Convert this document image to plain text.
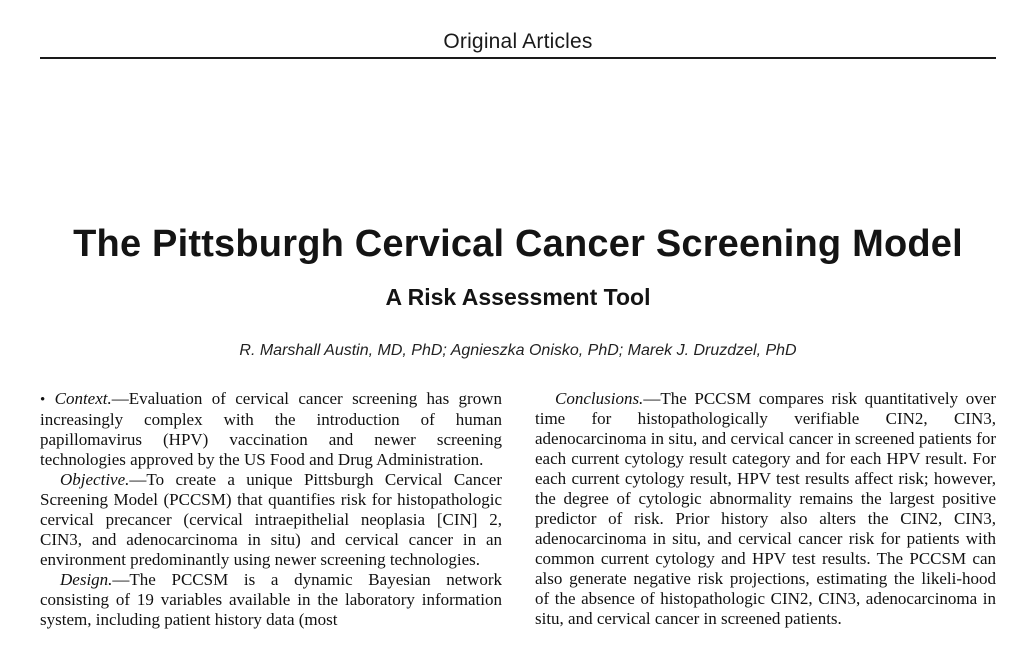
Original Articles
The Pittsburgh Cervical Cancer Screening Model
A Risk Assessment Tool
R. Marshall Austin, MD, PhD; Agnieszka Onisko, PhD; Marek J. Druzdzel, PhD

• Context.—Evaluation of cervical cancer screening has grown increasingly complex with the introduction of human papillomavirus (HPV) vaccination and newer screening technologies approved by the US Food and Drug Administration.

Objective.—To create a unique Pittsburgh Cervical Cancer Screening Model (PCCSM) that quantifies risk for histopathologic cervical precancer (cervical intraepithelial neoplasia [CIN] 2, CIN3, and adenocarcinoma in situ) and cervical cancer in an environment predominantly using newer screening technologies.

Design.—The PCCSM is a dynamic Bayesian network consisting of 19 variables available in the laboratory information system, including patient history data (most

Conclusions.—The PCCSM compares risk quantitatively over time for histopathologically verifiable CIN2, CIN3, adenocarcinoma in situ, and cervical cancer in screened patients for each current cytology result category and for each HPV result. For each current cytology result, HPV test results affect risk; however, the degree of cytologic abnormality remains the largest positive predictor of risk. Prior history also alters the CIN2, CIN3, adenocarcinoma in situ, and cervical cancer risk for patients with common current cytology and HPV test results. The PCCSM can also generate negative risk projections, estimating the likeli-hood of the absence of histopathologic CIN2, CIN3, adenocarcinoma in situ, and cervical cancer in screened patients.
